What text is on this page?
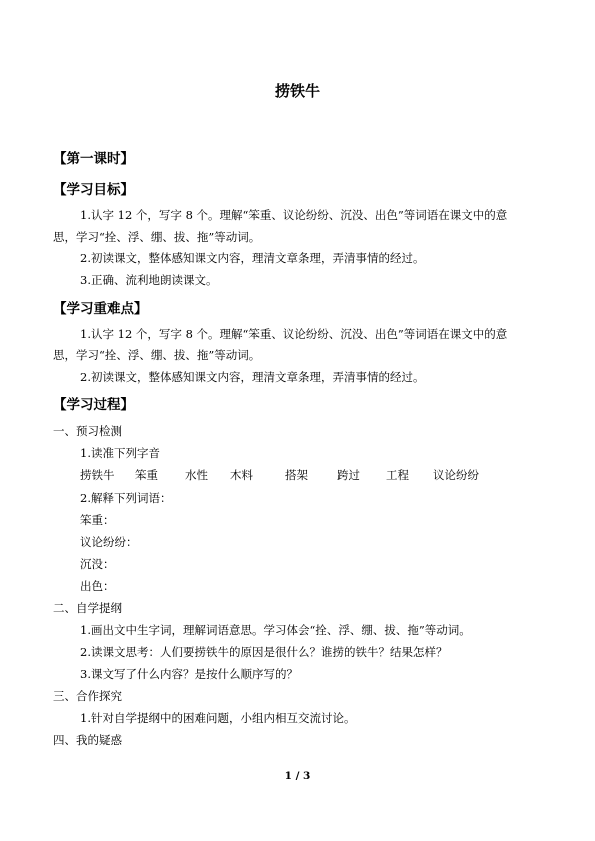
捞铁牛
【第一课时】
【学习目标】
1.认字 12 个，写字 8 个。理解“笨重、议论纷纷、沉没、出色”等词语在课文中的意
思，学习“拴、浮、绷、拔、拖”等动词。
2.初读课文，整体感知课文内容，理清文章条理，弄清事情的经过。
3.正确、流利地朗读课文。
【学习重难点】
1.认字 12 个，写字 8 个。理解“笨重、议论纷纷、沉没、出色”等词语在课文中的意
思，学习“拴、浮、绷、拔、拖”等动词。
2.初读课文，整体感知课文内容，理清文章条理，弄清事情的经过。
【学习过程】
一、预习检测
1.读准下列字音
捞铁牛 笨重 水性 木料	搭架	跨过 工程 议论纷纷
2.解释下列词语：
笨重：
议论纷纷：
沉没：
出色：
二、自学提纲
1.画出文中生字词，理解词语意思。学习体会“拴、浮、绷、拔、拖”等动词。
2.读课文思考：人们要捞铁牛的原因是很什么？谁捞的铁牛？结果怎样？
3.课文写了什么内容？是按什么顺序写的？
三、合作探究
1.针对自学提纲中的困难问题，小组内相互交流讨论。
四、我的疑惑
1 / 3
